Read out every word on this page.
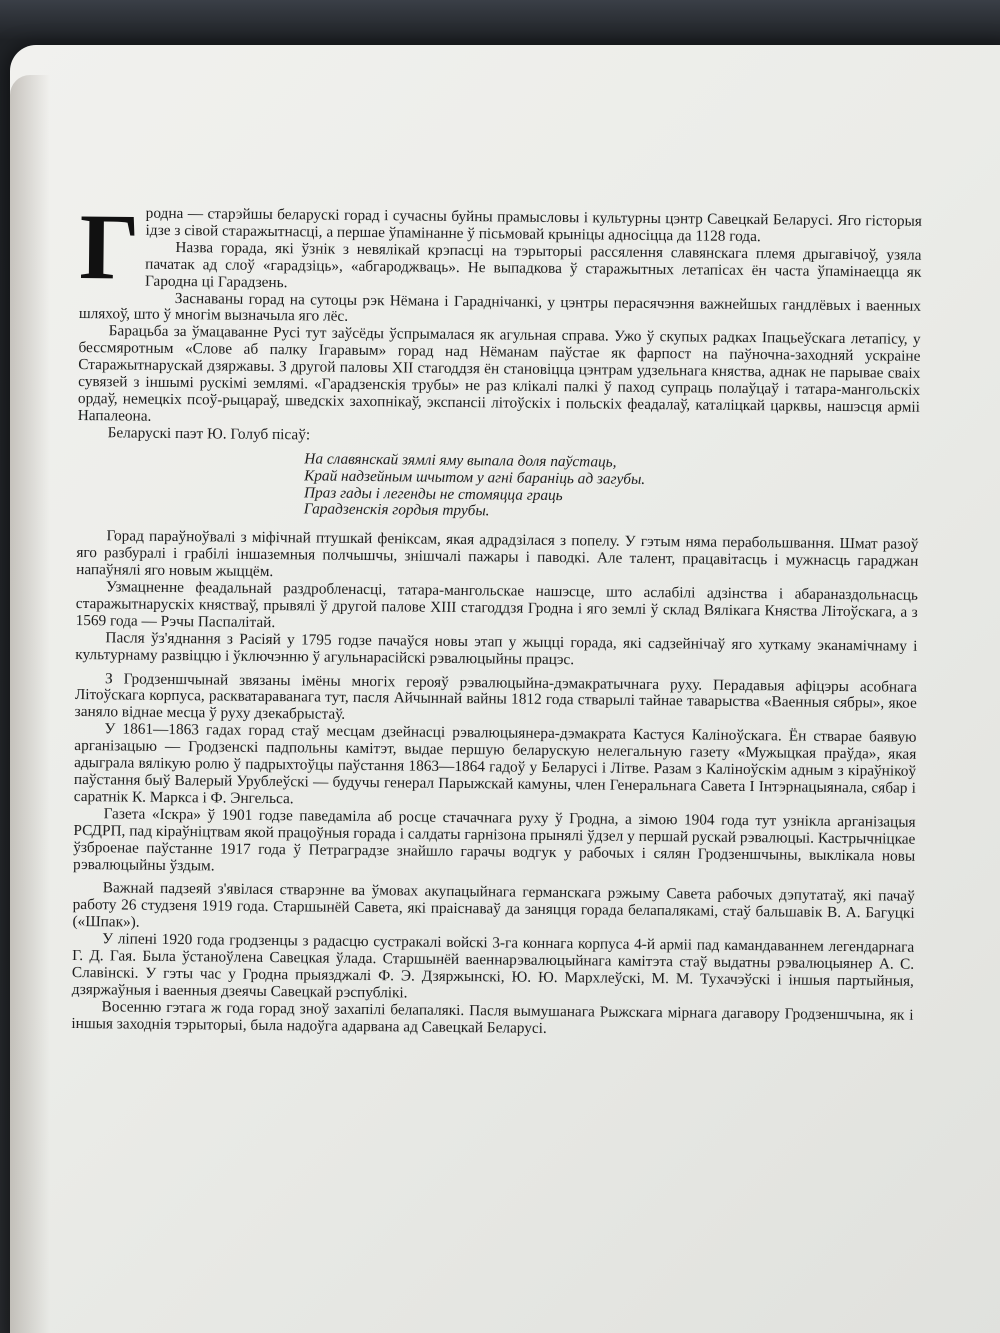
Гродна — старэйшы беларускі горад і сучасны буйны прамысловы і культурны цэнтр Савецкай Беларусі. Яго гісторыя ідзе з сівой старажытнасці, а першае ўпамінанне ў пісьмовай крыніцы адносіцца да 1128 года.

Назва горада, які ўзнік з невялікай крэпасці на тэрыторыі рассялення славянскага племя дрыгавічоў, узяла пачатак ад слоў «гарадзіць», «абгароджваць». Не выпадкова ў старажытных летапісах ён часта ўпамінаецца як Гародна ці Гарадзень.

Заснаваны горад на сутоцы рэк Нёмана і Гараднічанкі, у цэнтры перасячэння важнейшых гандлёвых і ваенных шляхоў, што ў многім вызначыла яго лёс.

Барацьба за ўмацаванне Русі тут заўсёды ўспрымалася як агульная справа. Ужо ў скупых радках Іпацьеўскага летапісу, у бессмяротным «Слове аб палку Ігаравым» горад над Нёманам паўстае як фарпост на паўночна-заходняй ускраіне Старажытнарускай дзяржавы. З другой паловы XII стагоддзя ён становіцца цэнтрам удзельнага княства, аднак не парывае сваіх сувязей з іншымі рускімі землямі. «Гарадзенскія трубы» не раз клікалі палкі ў паход супраць полаўцаў і татара-мангольскіх ордаў, немецкіх псоў-рыцараў, шведскіх захопнікаў, экспансіі літоўскіх і польскіх феадалаў, каталіцкай царквы, нашэсця арміі Напалеона.

Беларускі паэт Ю. Голуб пісаў:

На славянскай зямлі яму выпала доля паўстаць,
Край надзейным шчытом у агні бараніць ад загубы.
Праз гады і легенды не стомяцца граць
Гарадзенскія гордыя трубы.

Горад параўноўвалі з міфічнай птушкай феніксам, якая адрадзілася з попелу. У гэтым няма перабольшвання. Шмат разоў яго разбуралі і грабілі іншаземныя полчышчы, знішчалі пажары і паводкі. Але талент, працавітасць і мужнасць гараджан напаўнялі яго новым жыццём.

Узмацненне феадальнай раздробленасці, татара-мангольскае нашэсце, што аслабілі адзінства і абараназдольнасць старажытнарускіх княстваў, прывялі ў другой палове XIII стагоддзя Гродна і яго землі ў склад Вялікага Княства Літоўскага, а з 1569 года — Рэчы Паспалітай.

Пасля ўз'яднання з Расіяй у 1795 годзе пачаўся новы этап у жыцці горада, які садзейнічаў яго хуткаму эканамічнаму і культурнаму развіццю і ўключэнню ў агульнарасійскі рэвалюцыйны працэс.

З Гродзеншчынай звязаны імёны многіх герояў рэвалюцыйна-дэмакратычнага руху. Перадавыя афіцэры асобнага Літоўскага корпуса, раскватараванага тут, пасля Айчыннай вайны 1812 года стварылі тайнае таварыства «Ваенныя сябры», якое заняло віднае месца ў руху дзекабрыстаў.

У 1861—1863 гадах горад стаў месцам дзейнасці рэвалюцыянера-дэмакрата Кастуся Каліноўскага. Ён стварае баявую арганізацыю — Гродзенскі падпольны камітэт, выдае першую беларускую нелегальную газету «Мужыцкая праўда», якая адыграла вялікую ролю ў падрыхтоўцы паўстання 1863—1864 гадоў у Беларусі і Літве. Разам з Каліноўскім адным з кіраўнікоў паўстання быў Валерый Урублеўскі — будучы генерал Парыжскай камуны, член Генеральнага Савета І Інтэрнацыянала, сябар і саратнік К. Маркса і Ф. Энгельса.

Газета «Іскра» ў 1901 годзе паведаміла аб росце стачачнага руху ў Гродна, а зімою 1904 года тут узнікла арганізацыя РСДРП, пад кіраўніцтвам якой працоўныя горада і салдаты гарнізона прынялі ўдзел у першай рускай рэвалюцыі. Кастрычніцкае ўзброенае паўстанне 1917 года ў Петраградзе знайшло гарачы водгук у рабочых і сялян Гродзеншчыны, выклікала новы рэвалюцыйны ўздым.

Важнай падзеяй з'явілася стварэнне ва ўмовах акупацыйнага германскага рэжыму Савета рабочых дэпутатаў, які пачаў работу 26 студзеня 1919 года. Старшынёй Савета, які праіснаваў да заняцця горада белапалякамі, стаў бальшавік В. А. Багуцкі («Шпак»).

У ліпені 1920 года гродзенцы з радасцю сустракалі войскі 3-га коннага корпуса 4-й арміі пад камандаваннем легендарнага Г. Д. Гая. Была ўстаноўлена Савецкая ўлада. Старшынёй ваеннарэвалюцыйнага камітэта стаў выдатны рэвалюцыянер А. С. Славінскі. У гэты час у Гродна прыязджалі Ф. Э. Дзяржынскі, Ю. Ю. Мархлеўскі, М. М. Тухачэўскі і іншыя партыйныя, дзяржаўныя і ваенныя дзеячы Савецкай рэспублікі.

Восенню гэтага ж года горад зноў захапілі белапалякі. Пасля вымушанага Рыжскага мірнага дагавору Гродзеншчына, як і іншыя заходнія тэрыторыі, была надоўга адарвана ад Савецкай Беларусі.
